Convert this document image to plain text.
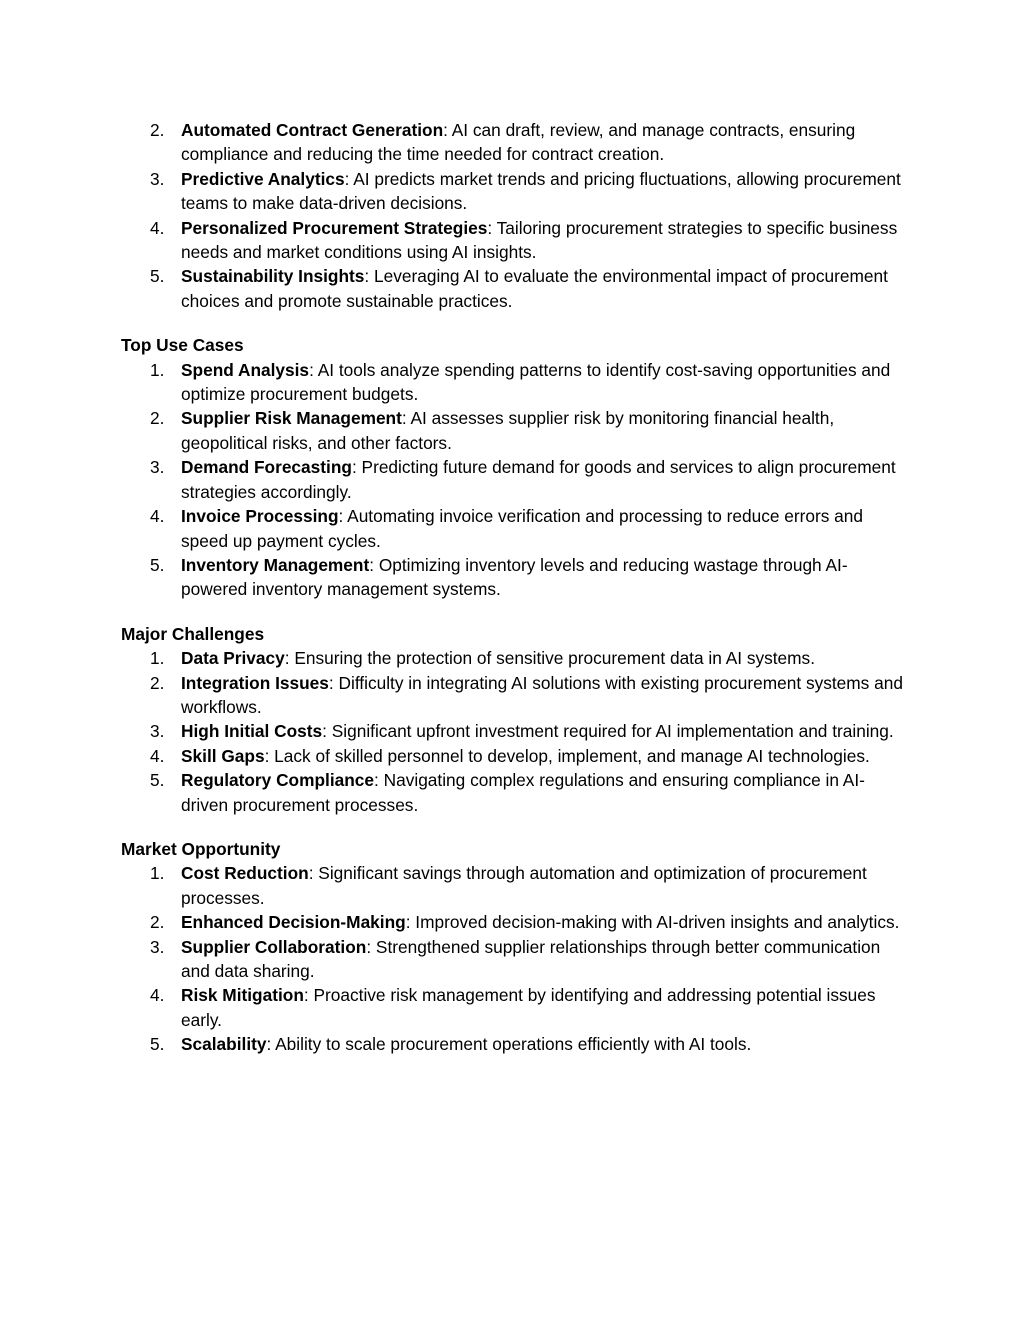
2. Automated Contract Generation: AI can draft, review, and manage contracts, ensuring compliance and reducing the time needed for contract creation.
3. Predictive Analytics: AI predicts market trends and pricing fluctuations, allowing procurement teams to make data-driven decisions.
4. Personalized Procurement Strategies: Tailoring procurement strategies to specific business needs and market conditions using AI insights.
5. Sustainability Insights: Leveraging AI to evaluate the environmental impact of procurement choices and promote sustainable practices.
Top Use Cases
1. Spend Analysis: AI tools analyze spending patterns to identify cost-saving opportunities and optimize procurement budgets.
2. Supplier Risk Management: AI assesses supplier risk by monitoring financial health, geopolitical risks, and other factors.
3. Demand Forecasting: Predicting future demand for goods and services to align procurement strategies accordingly.
4. Invoice Processing: Automating invoice verification and processing to reduce errors and speed up payment cycles.
5. Inventory Management: Optimizing inventory levels and reducing wastage through AI-powered inventory management systems.
Major Challenges
1. Data Privacy: Ensuring the protection of sensitive procurement data in AI systems.
2. Integration Issues: Difficulty in integrating AI solutions with existing procurement systems and workflows.
3. High Initial Costs: Significant upfront investment required for AI implementation and training.
4. Skill Gaps: Lack of skilled personnel to develop, implement, and manage AI technologies.
5. Regulatory Compliance: Navigating complex regulations and ensuring compliance in AI-driven procurement processes.
Market Opportunity
1. Cost Reduction: Significant savings through automation and optimization of procurement processes.
2. Enhanced Decision-Making: Improved decision-making with AI-driven insights and analytics.
3. Supplier Collaboration: Strengthened supplier relationships through better communication and data sharing.
4. Risk Mitigation: Proactive risk management by identifying and addressing potential issues early.
5. Scalability: Ability to scale procurement operations efficiently with AI tools.
